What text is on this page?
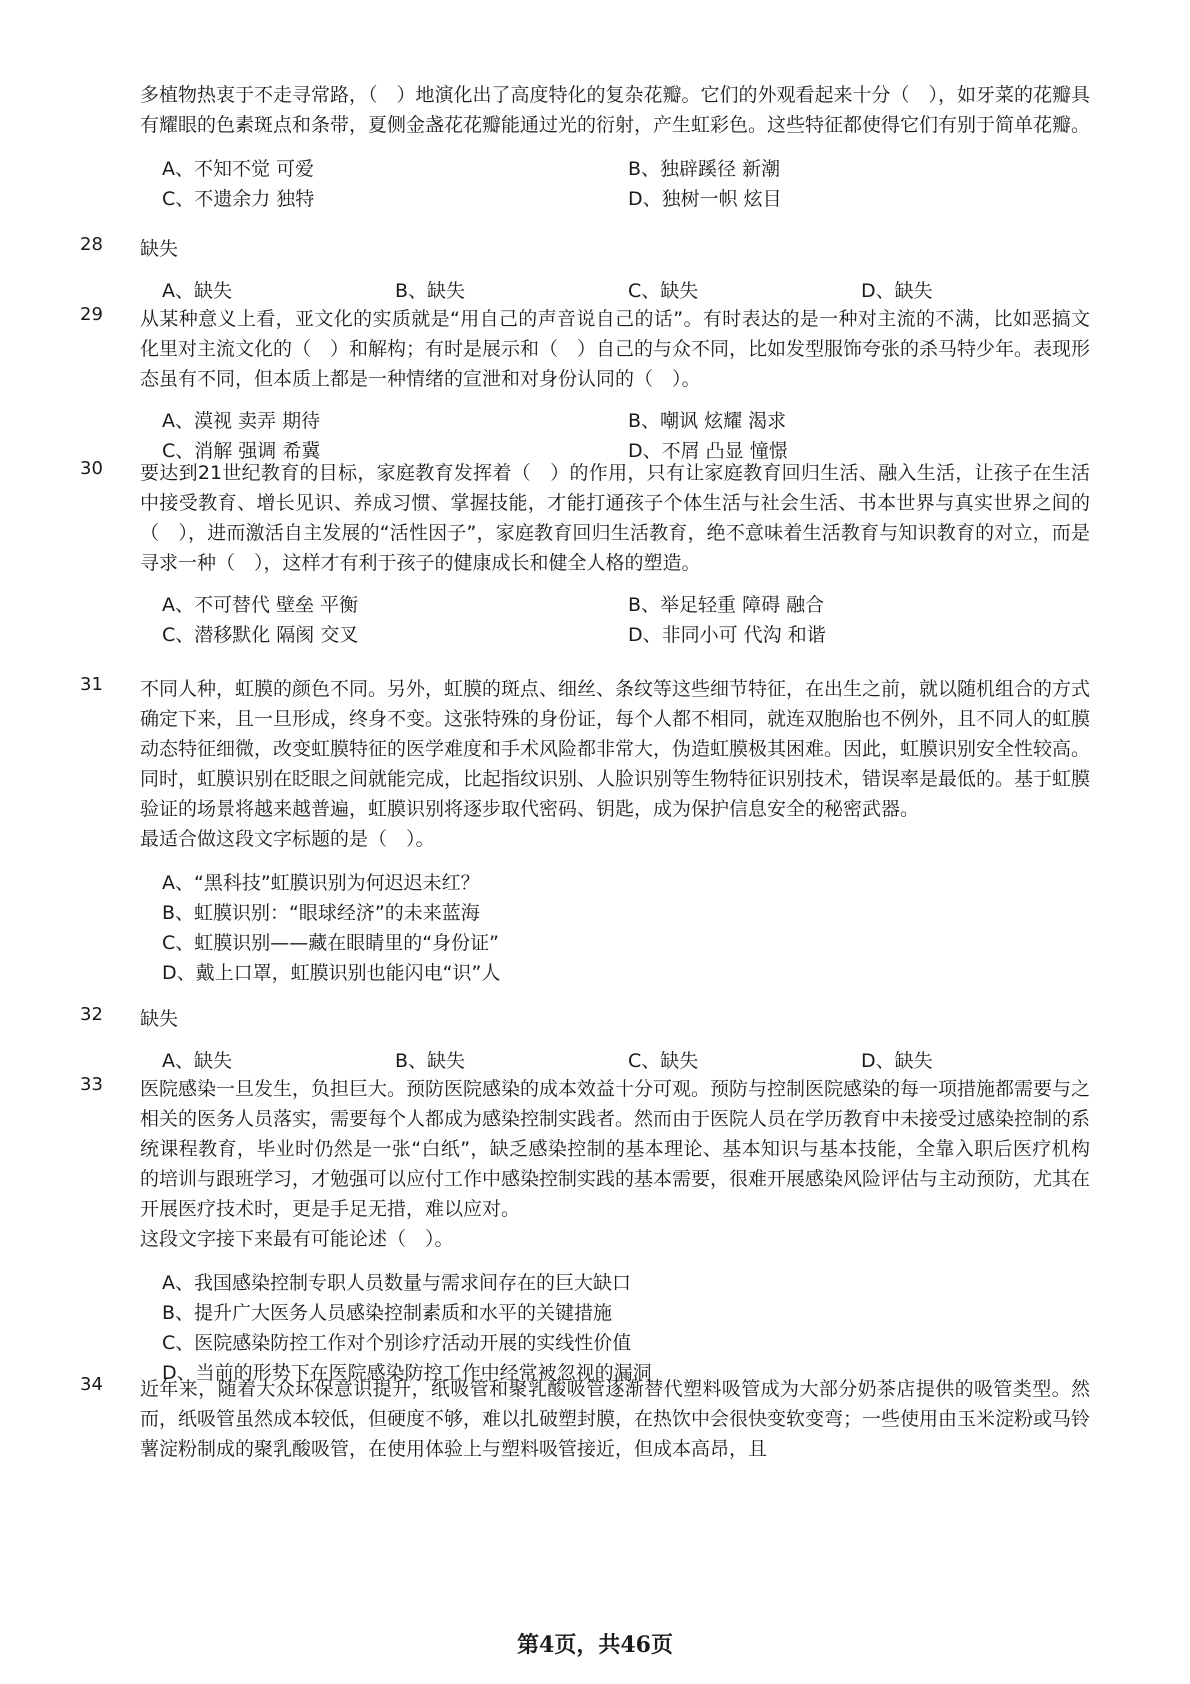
多植物热衷于不走寻常路，（　）地演化出了高度特化的复杂花瓣。它们的外观看起来十分（　），如牙菜的花瓣具有耀眼的色素斑点和条带，夏侧金盏花花瓣能通过光的衍射，产生虹彩色。这些特征都使得它们有别于简单花瓣。

A、不知不觉 可爱	B、独辟蹊径 新潮
C、不遗余力 独特	D、独树一帜 炫目
28	缺失

A、缺失	B、缺失	C、缺失	D、缺失
29	从某种意义上看，亚文化的实质就是“用自己的声音说自己的话”。有时表达的是一种对主流的不满，比如恶搞文化里对主流文化的（　）和解构；有时是展示和（　）自己的与众不同，比如发型服饰夸张的杀马特少年。表现形态虽有不同，但本质上都是一种情绪的宣泄和对身份认同的（　）。

A、漠视 卖弄 期待	B、嘲讽 炫耀 渴求
C、消解 强调 希冀	D、不屑 凸显 憧憬
30	要达到21世纪教育的目标，家庭教育发挥着（　）的作用，只有让家庭教育回归生活、融入生活，让孩子在生活中接受教育、增长见识、养成习惯、掌握技能，才能打通孩子个体生活与社会生活、书本世界与真实世界之间的（　），进而激活自主发展的“活性因子”，家庭教育回归生活教育，绝不意味着生活教育与知识教育的对立，而是寻求一种（　），这样才有利于孩子的健康成长和健全人格的塑造。

A、不可替代 壁垒 平衡	B、举足轻重 障碍 融合
C、潜移默化 隔阂 交叉	D、非同小可 代沟 和谐
31	不同人种，虹膜的颜色不同。另外，虹膜的斑点、细丝、条纹等这些细节特征，在出生之前，就以随机组合的方式确定下来，且一旦形成，终身不变。这张特殊的身份证，每个人都不相同，就连双胞胎也不例外，且不同人的虹膜动态特征细微，改变虹膜特征的医学难度和手术风险都非常大，伪造虹膜极其困难。因此，虹膜识别安全性较高。同时，虹膜识别在眨眼之间就能完成，比起指纹识别、人脸识别等生物特征识别技术，错误率是最低的。基于虹膜验证的场景将越来越普遍，虹膜识别将逐步取代密码、钥匙，成为保护信息安全的秘密武器。

最适合做这段文字标题的是（　）。

A、“黑科技”虹膜识别为何迟迟未红？
B、虹膜识别：“眼球经济”的未来蓝海
C、虹膜识别——藏在眼睛里的“身份证”
D、戴上口罩，虹膜识别也能闪电“识”人
32	缺失

A、缺失	B、缺失	C、缺失	D、缺失
33	医院感染一旦发生，负担巨大。预防医院感染的成本效益十分可观。预防与控制医院感染的每一项措施都需要与之相关的医务人员落实，需要每个人都成为感染控制实践者。然而由于医院人员在学历教育中未接受过感染控制的系统课程教育，毕业时仍然是一张“白纸”，缺乏感染控制的基本理论、基本知识与基本技能，全靠入职后医疗机构的培训与跟班学习，才勉强可以应付工作中感染控制实践的基本需要，很难开展感染风险评估与主动预防，尤其在开展医疗技术时，更是手足无措，难以应对。

这段文字接下来最有可能论述（　）。

A、我国感染控制专职人员数量与需求间存在的巨大缺口
B、提升广大医务人员感染控制素质和水平的关键措施
C、医院感染防控工作对个别诊疗活动开展的实线性价值
D、当前的形势下在医院感染防控工作中经常被忽视的漏洞
34	近年来，随着大众环保意识提升，纸吸管和聚乳酸吸管逐渐替代塑料吸管成为大部分奶茶店提供的吸管类型。然而，纸吸管虽然成本较低，但硬度不够，难以扎破塑封膜，在热饮中会很快变软变弯；一些使用由玉米淀粉或马铃薯淀粉制成的聚乳酸吸管，在使用体验上与塑料吸管接近，但成本高昂，且

第4页，共46页
